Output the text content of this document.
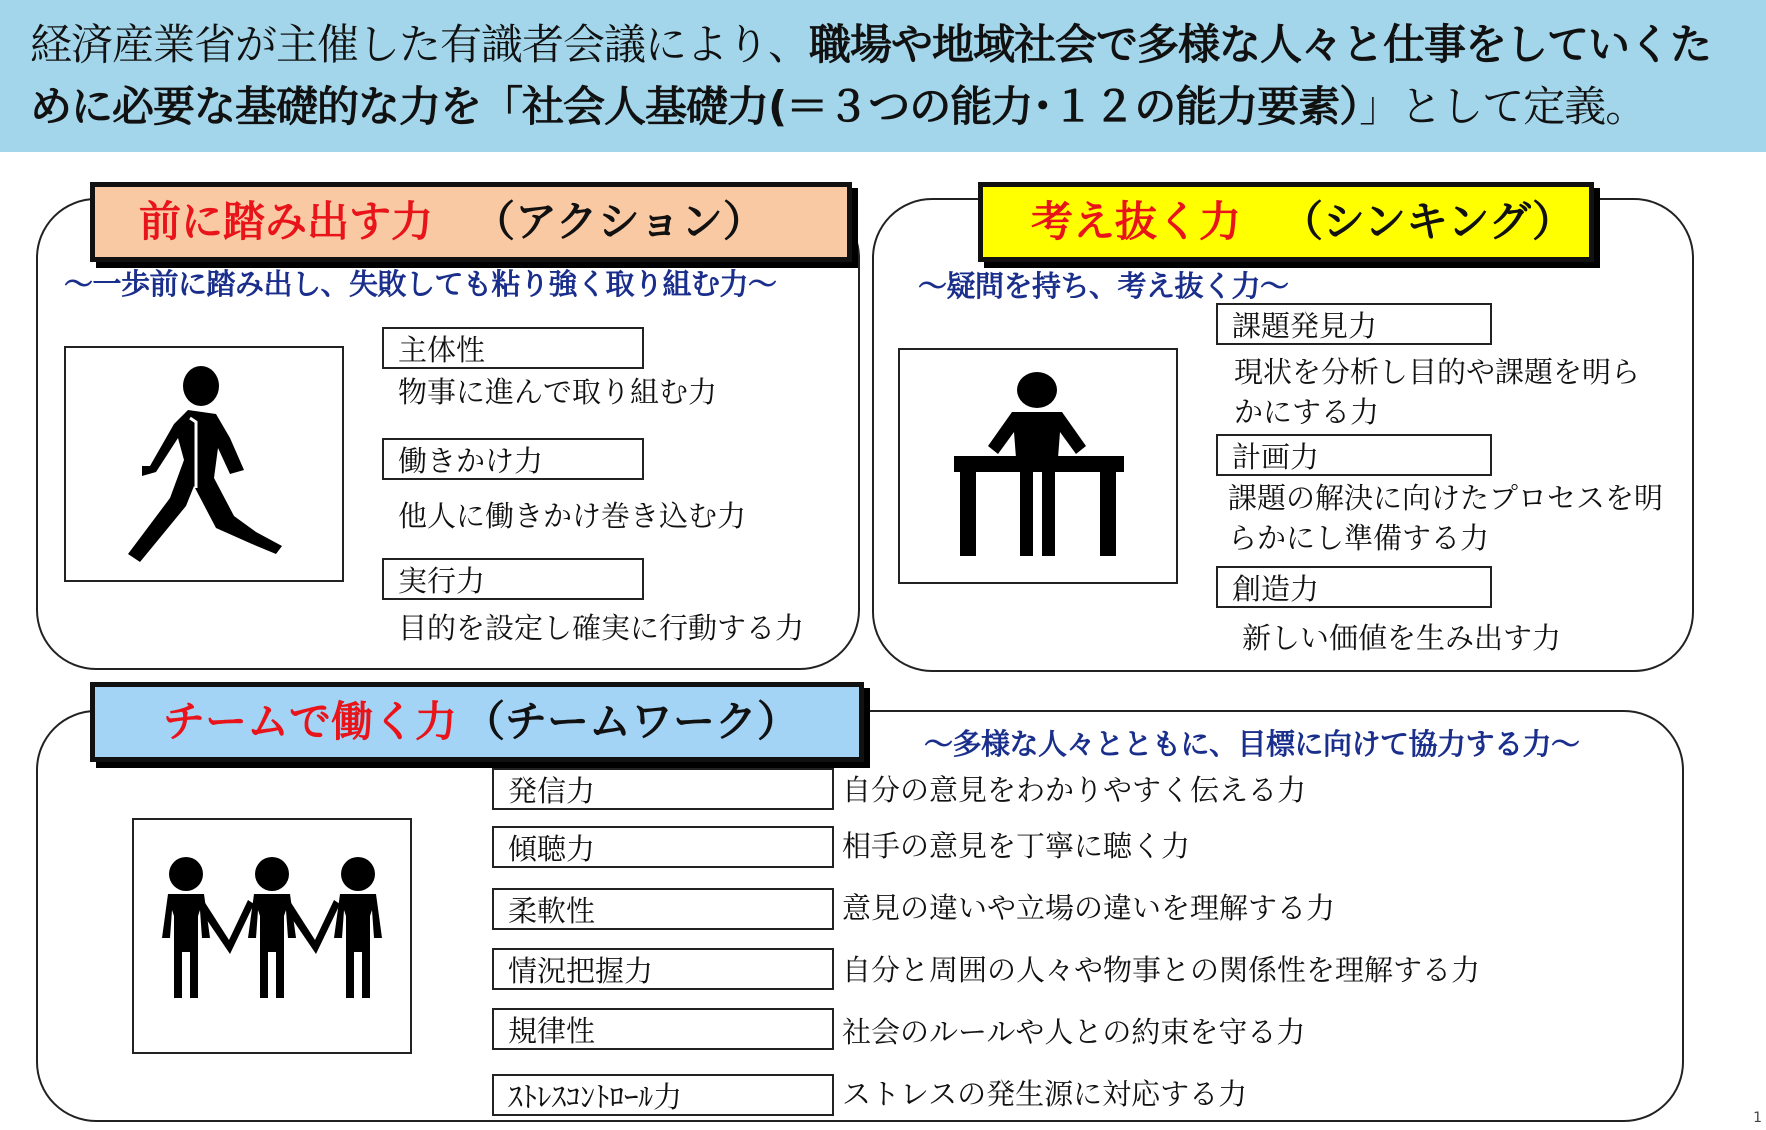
経済産業省が主催した有識者会議により、職場や地域社会で多様な人々と仕事をしていくために必要な基礎的な力を「社会人基礎力(＝３つの能力･１２の能力要素）」として定義。

前に踏み出す力 （アクション）
～一歩前に踏み出し、失敗しても粘り強く取り組む力～
主体性
物事に進んで取り組む力
働きかけ力
他人に働きかけ巻き込む力
実行力
目的を設定し確実に行動する力
考え抜く力 （シンキング）
～疑問を持ち、考え抜く力～
課題発見力
現状を分析し目的や課題を明ら
かにする力
計画力
課題の解決に向けたプロセスを明
らかにし準備する力
創造力
新しい価値を生み出す力
チームで働く力 （チームワーク）	～多様な人々とともに、目標に向けて協力する力～
発信力	自分の意見をわかりやすく伝える力
傾聴力	相手の意見を丁寧に聴く力
柔軟性	意見の違いや立場の違いを理解する力
情況把握力	自分と周囲の人々や物事との関係性を理解する力
規律性	社会のルールや人との約束を守る力
ｽﾄﾚｽｺﾝﾄﾛｰﾙ力	ストレスの発生源に対応する力
1
